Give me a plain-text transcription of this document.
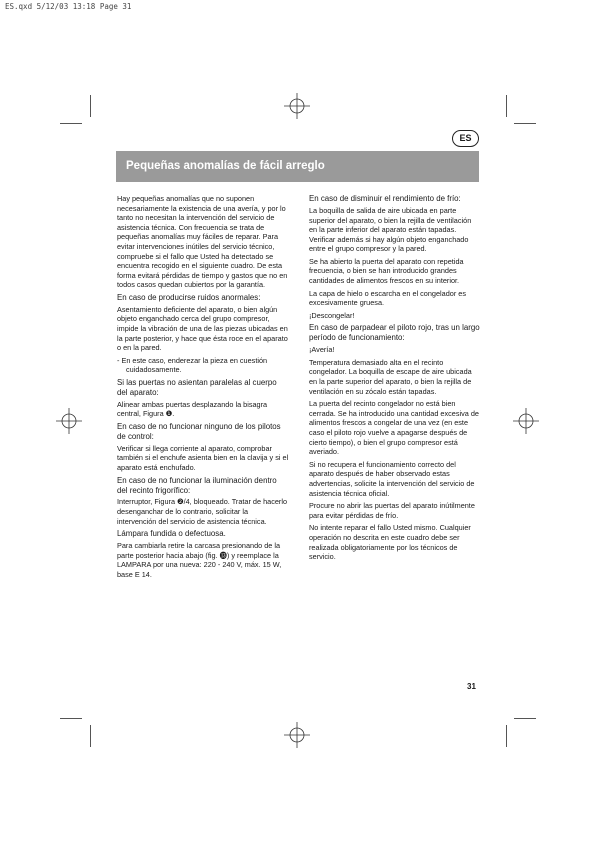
ES.qxd 5/12/03 13:18 Page 31
ES
Pequeñas anomalías de fácil arreglo
Hay pequeñas anomalías que no suponen necesariamente la existencia de una avería, y por lo tanto no necesitan la intervención del servicio de asistencia técnica. Con frecuencia se trata de pequeñas anomalías muy fáciles de reparar. Para evitar intervenciones inútiles del servicio técnico, compruebe si el fallo que Usted ha detectado se encuentra recogido en el siguiente cuadro. De esta forma evitará pérdidas de tiempo y gastos que no en todos casos quedan cubiertos por la garantía.
En caso de producirse ruidos anormales:
Asentamiento deficiente del aparato, o bien algún objeto enganchado cerca del grupo compresor, impide la vibración de una de las piezas ubicadas en la parte posterior, y hace que ésta roce en el aparato o en la pared.
- En este caso, enderezar la pieza en cuestión cuidadosamente.
Si las puertas no asientan paralelas al cuerpo del aparato:
Alinear ambas puertas desplazando la bisagra central, Figura ❶.
En caso de no funcionar ninguno de los pilotos de control:
Verificar si llega corriente al aparato, comprobar también si el enchufe asienta bien en la clavija y si el aparato está enchufado.
En caso de no funcionar la iluminación dentro del recinto frigorífico:
Interruptor, Figura ❷/4, bloqueado. Tratar de hacerlo desenganchar de lo contrario, solicitar la intervención del servicio de asistencia técnica.
Lámpara fundida o defectuosa.
Para cambiarla retire la carcasa presionando de la parte posterior hacia abajo (fig. ⓭) y reemplace la LAMPARA por una nueva: 220 - 240 V, máx. 15 W, base E 14.
En caso de disminuir el rendimiento de frío:
La boquilla de salida de aire ubicada en parte superior del aparato, o bien la rejilla de ventilación en la parte inferior del aparato están tapadas. Verificar además si hay algún objeto enganchado entre el grupo compresor y la pared.
Se ha abierto la puerta del aparato con repetida frecuencia, o bien se han introducido grandes cantidades de alimentos frescos en su interior.
La capa de hielo o escarcha en el congelador es excesivamente gruesa.
¡Descongelar!
En caso de parpadear el piloto rojo, tras un largo período de funcionamiento:
¡Avería!
Temperatura demasiado alta en el recinto congelador. La boquilla de escape de aire ubicada en la parte superior del aparato, o bien la rejilla de ventilación en su zócalo están tapadas.
La puerta del recinto congelador no está bien cerrada. Se ha introducido una cantidad excesiva de alimentos frescos a congelar de una vez (en este caso el piloto rojo vuelve a apagarse después de cierto tiempo), o bien el grupo compresor está averiado.
Si no recupera el funcionamiento correcto del aparato después de haber observado estas advertencias, solicite la intervención del servicio de asistencia técnica oficial.
Procure no abrir las puertas del aparato inútilmente para evitar pérdidas de frío.
No intente reparar el fallo Usted mismo. Cualquier operación no descrita en este cuadro debe ser realizada obligatoriamente por los técnicos de servicio.
31
